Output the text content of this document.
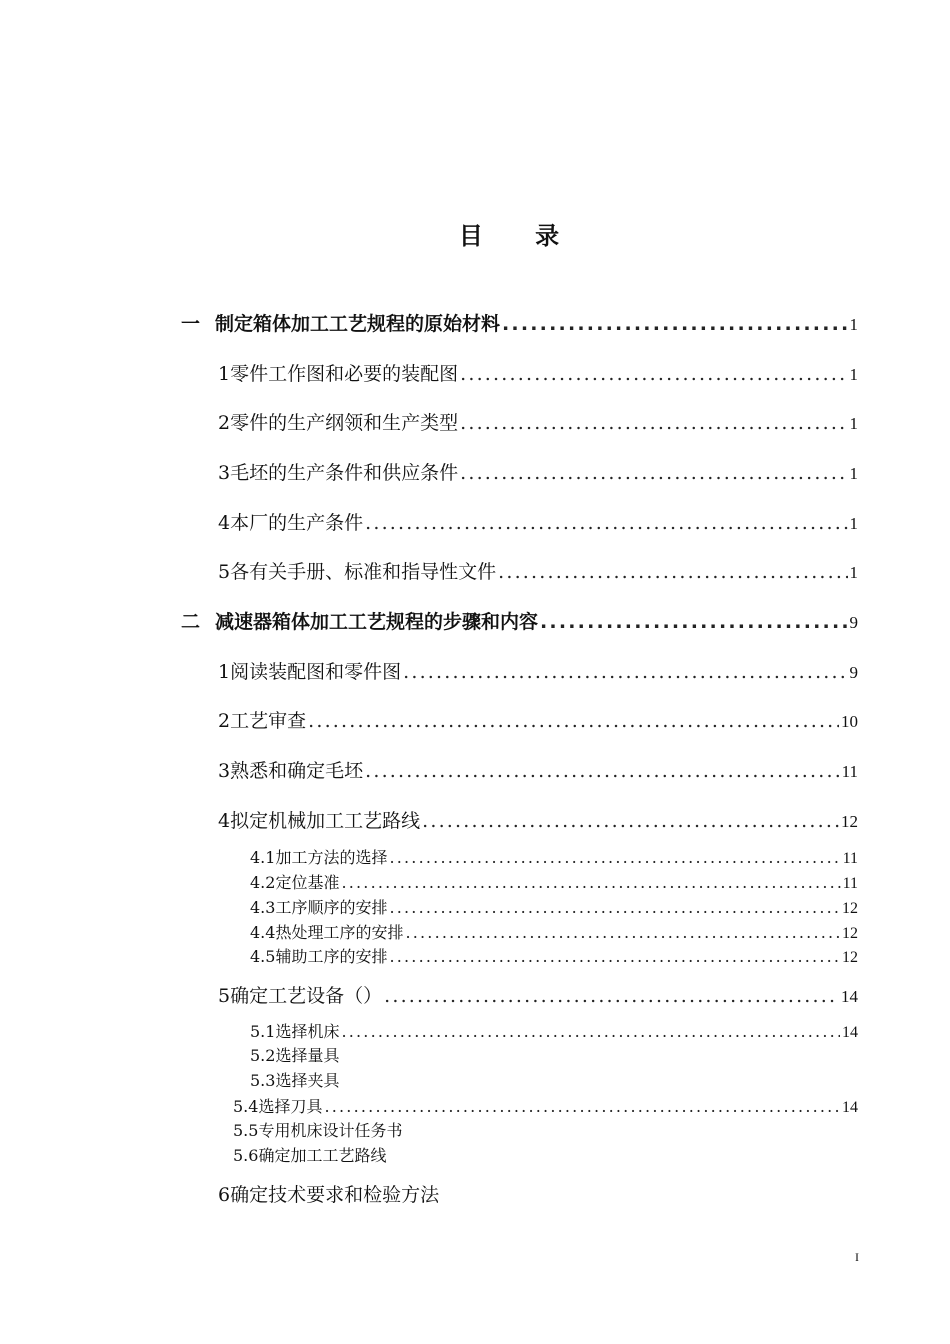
目 录
一 制定箱体加工工艺规程的原始材料 .....	1
1零件工作图和必要的装配图 .....	1
2零件的生产纲领和生产类型 .....	1
3毛坯的生产条件和供应条件 .....	1
4本厂的生产条件 .....	1
5各有关手册、标准和指导性文件 .....	1
二 减速器箱体加工工艺规程的步骤和内容 .....	9
1阅读装配图和零件图 .....	9
2工艺审查 .....	10
3熟悉和确定毛坯 .....	11
4拟定机械加工工艺路线 .....	12
4.1加工方法的选择 .....	11
4.2定位基准 .....	11
4.3工序顺序的安排 .....	12
4.4热处理工序的安排 .....	12
4.5辅助工序的安排 .....	12
5确定工艺设备（） .....	14
5.1选择机床 .....	14
5.2选择量具
5.3选择夹具
5.4选择刀具 .....	14
5.5专用机床设计任务书
5.6确定加工工艺路线
6确定技术要求和检验方法
I
